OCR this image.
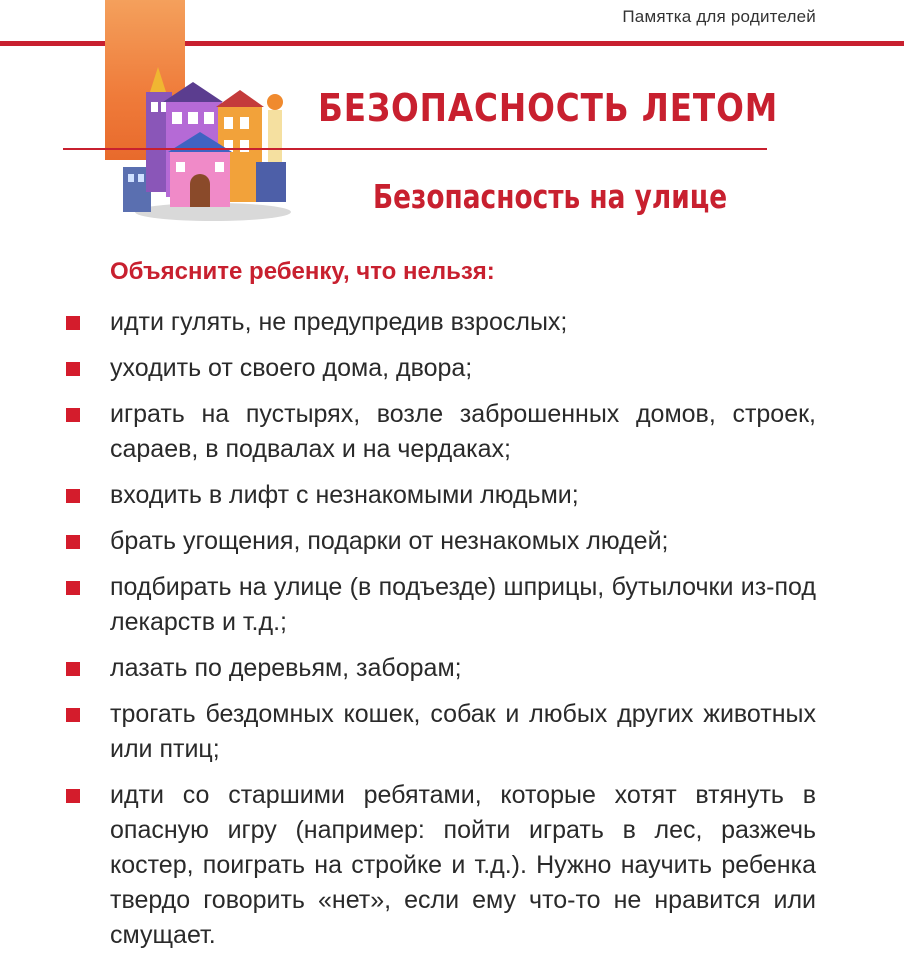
Памятка для родителей
БЕЗОПАСНОСТЬ ЛЕТОМ
Безопасность на улице
Объясните ребенку, что нельзя:
идти гулять, не предупредив взрослых;
уходить от своего дома, двора;
играть на пустырях, возле заброшенных домов, строек, сараев, в подвалах и на чердаках;
входить в лифт с незнакомыми людьми;
брать угощения, подарки от незнакомых людей;
подбирать на улице (в подъезде) шприцы, бутылочки из-под лекарств и т.д.;
лазать по деревьям, заборам;
трогать бездомных кошек, собак и любых других животных или птиц;
идти со старшими ребятами, которые хотят втянуть в опасную игру (например: пойти играть в лес, разжечь костер, поиграть на стройке и т.д.). Нужно научить ребенка твердо говорить «нет», если ему что-то не нравится или смущает.
